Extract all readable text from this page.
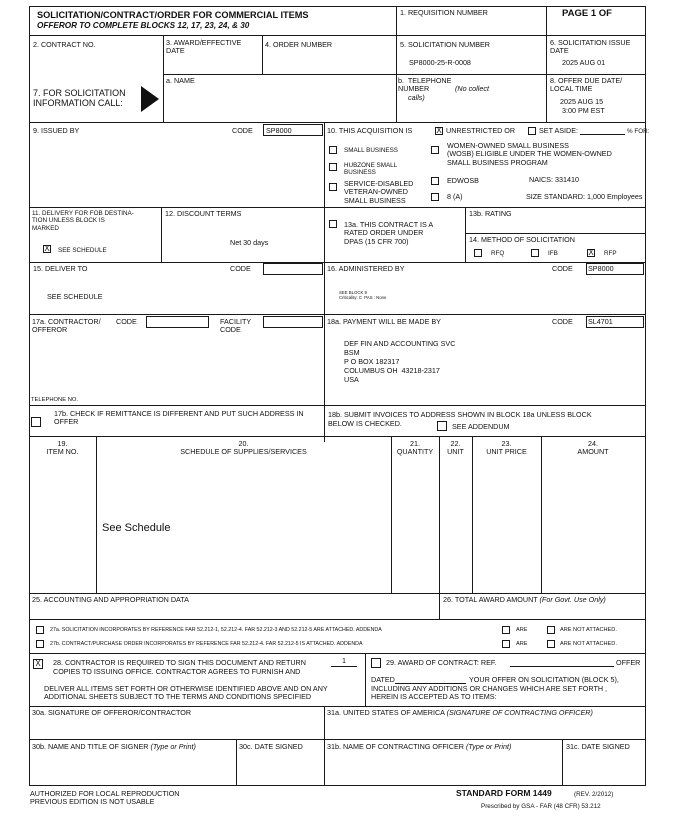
SOLICITATION/CONTRACT/ORDER FOR COMMERCIAL ITEMS
OFFEROR TO COMPLETE BLOCKS 12, 17, 23, 24, & 30
1. REQUISITION NUMBER	PAGE 1 OF
2. CONTRACT NO.	3. AWARD/EFFECTIVE
DATE
4. ORDER NUMBER	5. SOLICITATION NUMBER
SP8000-25-R-0008
6. SOLICITATION ISSUE
DATE
2025 AUG 01
7. FOR SOLICITATION
INFORMATION CALL:
a. NAME	b.  TELEPHONE
NUMBER	(No collect
calls)
8. OFFER DUE DATE/
LOCAL TIME
2025 AUG 15
3:00 PM EST
9. ISSUED BY	CODE SP8000	10. THIS ACQUISITION IS	X UNRESTRICTED OR	SET ASIDE:	% FOR:
SMALL BUSINESS
HUBZONE SMALL
BUSINESS
SERVICE-DISABLED
VETERAN-OWNED
SMALL BUSINESS
WOMEN-OWNED SMALL BUSINESS
(WOSB) ELIGIBLE UNDER THE WOMEN-OWNED
SMALL BUSINESS PROGRAM
EDWOSB
8 (A)
NAICS: 331410
SIZE STANDARD: 1,000 Employees
11. DELIVERY FOR FOB DESTINA-
TION UNLESS BLOCK IS
MARKED
X SEE SCHEDULE
12. DISCOUNT TERMS
Net 30 days
13a. THIS CONTRACT IS A
RATED ORDER UNDER
DPAS (15 CFR 700)
13b. RATING
14. METHOD OF SOLICITATION
RFQ	IFB	X RFP
15. DELIVER TO	CODE
SEE SCHEDULE
16. ADMINISTERED BY	CODE SP8000
SEE BLOCK 9
Criticality: C  PAS : None
17a. CONTRACTOR/
OFFEROR
CODE	FACILITY
CODE
TELEPHONE NO.
18a. PAYMENT WILL BE MADE BY	CODE SL4701
DEF FIN AND ACCOUNTING SVC
BSM
P O BOX 182317
COLUMBUS OH  43218-2317
USA
17b. CHECK IF REMITTANCE IS DIFFERENT AND PUT SUCH ADDRESS IN
OFFER
18b. SUBMIT INVOICES TO ADDRESS SHOWN IN BLOCK 18a UNLESS BLOCK
BELOW IS CHECKED.	SEE ADDENDUM
19.
ITEM NO.
20.
SCHEDULE OF SUPPLIES/SERVICES
21.
QUANTITY
22.
UNIT
23.
UNIT PRICE
24.
AMOUNT
See Schedule
25. ACCOUNTING AND APPROPRIATION DATA	26. TOTAL AWARD AMOUNT (For Govt. Use Only)
27a. SOLICITATION INCORPORATES BY REFERENCE FAR 52.212-1, 52.212-4. FAR 52.212-3 AND 52.212-5 ARE ATTACHED. ADDENDA	ARE	ARE NOT ATTACHED.
27b. CONTRACT/PURCHASE ORDER INCORPORATES BY REFERENCE FAR 52.212-4. FAR 52.212-5 IS ATTACHED. ADDENDA	ARE	ARE NOT ATTACHED.
X	28. CONTRACTOR IS REQUIRED TO SIGN THIS DOCUMENT AND RETURN	1
COPIES TO ISSUING OFFICE. CONTRACTOR AGREES TO FURNISH AND
DELIVER ALL ITEMS SET FORTH OR OTHERWISE IDENTIFIED ABOVE AND ON ANY
ADDITIONAL SHEETS SUBJECT TO THE TERMS AND CONDITIONS SPECIFIED
29. AWARD OF CONTRACT: REF.	OFFER
DATED	YOUR OFFER ON SOLICITATION (BLOCK 5),
INCLUDING ANY ADDITIONS OR CHANGES WHICH ARE SET FORTH ,
HEREIN IS ACCEPTED AS TO ITEMS:
30a. SIGNATURE OF OFFEROR/CONTRACTOR	31a. UNITED STATES OF AMERICA (SIGNATURE OF CONTRACTING OFFICER)
30b. NAME AND TITLE OF SIGNER (Type or Print)	30c. DATE SIGNED	31b. NAME OF CONTRACTING OFFICER (Type or Print)	31c. DATE SIGNED
AUTHORIZED FOR LOCAL REPRODUCTION
PREVIOUS EDITION IS NOT USABLE
STANDARD FORM 1449	(REV. 2/2012)
Prescribed by GSA - FAR (48 CFR) 53.212
